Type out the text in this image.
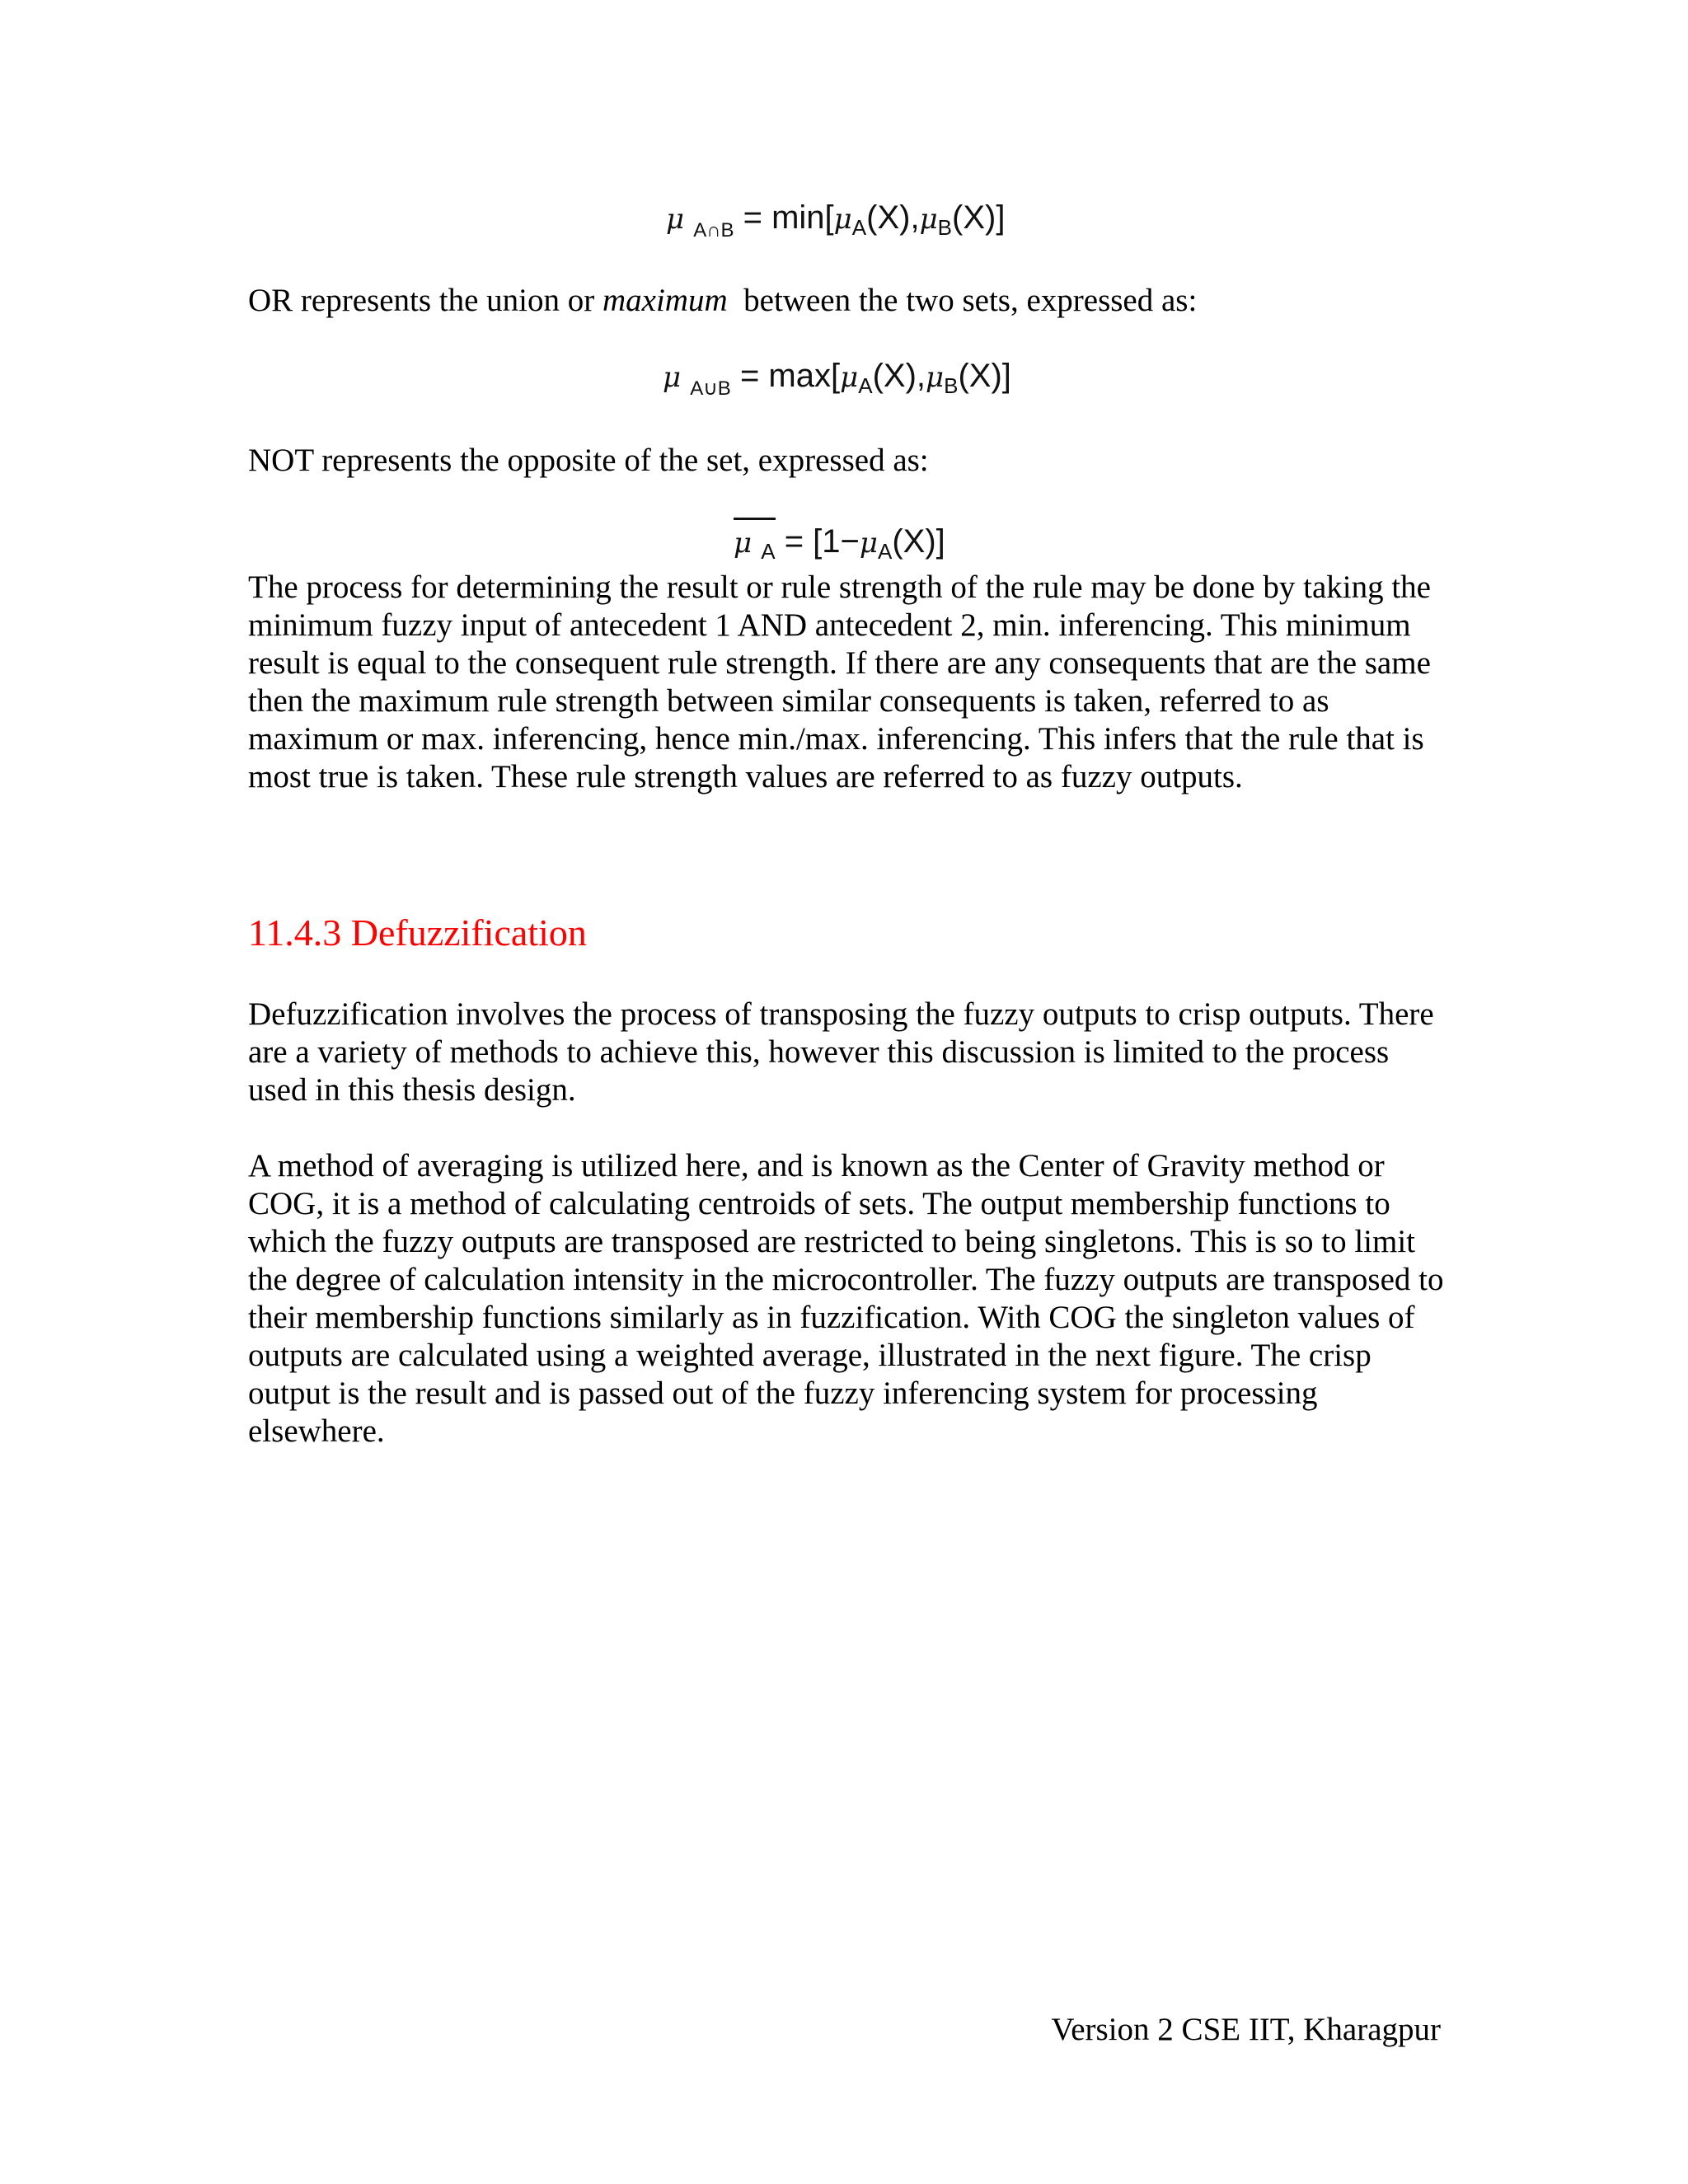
μ $_{A\cap B} = \min[\mu_A(X),\mu_B(X)]$

OR represents the union or maximum  between the two sets, expressed as:

μ $_{A\cup B} = \max[\mu_A(X),\mu_B(X)]$

NOT represents the opposite of the set, expressed as:

μ $_A = [1-\mu_A(X)]$

The process for determining the result or rule strength of the rule may be done by taking the minimum fuzzy input of antecedent 1 AND antecedent 2, min. inferencing. This minimum result is equal to the consequent rule strength. If there are any consequents that are the same then the maximum rule strength between similar consequents is taken, referred to as maximum or max. inferencing, hence min./max. inferencing. This infers that the rule that is most true is taken. These rule strength values are referred to as fuzzy outputs.

11.4.3 Defuzzification

Defuzzification involves the process of transposing the fuzzy outputs to crisp outputs. There are a variety of methods to achieve this, however this discussion is limited to the process used in this thesis design.

A method of averaging is utilized here, and is known as the Center of Gravity method or COG, it is a method of calculating centroids of sets. The output membership functions to which the fuzzy outputs are transposed are restricted to being singletons. This is so to limit the degree of calculation intensity in the microcontroller. The fuzzy outputs are transposed to their membership functions similarly as in fuzzification. With COG the singleton values of outputs are calculated using a weighted average, illustrated in the next figure. The crisp output is the result and is passed out of the fuzzy inferencing system for processing elsewhere.

Version 2 CSE IIT, Kharagpur
